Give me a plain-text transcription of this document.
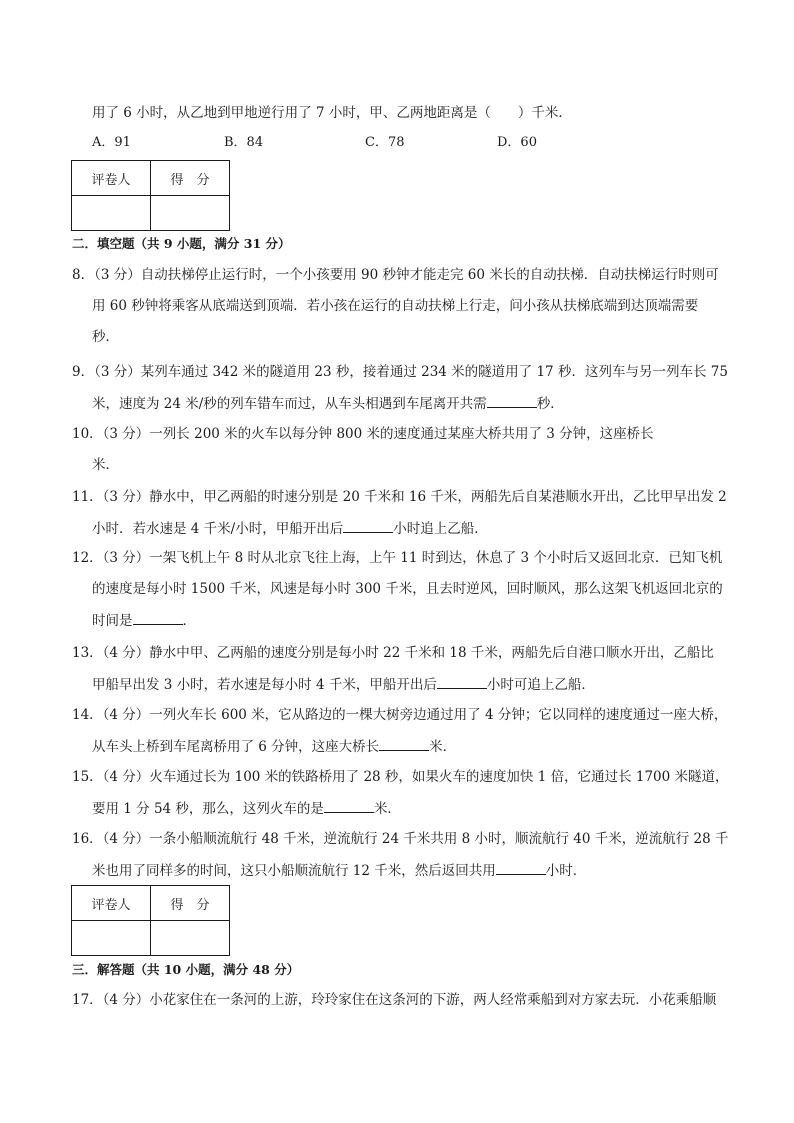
用了 6 小时，从乙地到甲地逆行用了 7 小时，甲、乙两地距离是（　　）千米．
A．91	B．84	C．78	D．60
评卷人	得　分

二．填空题（共 9 小题，满分 31 分）
8．（3 分）自动扶梯停止运行时，一个小孩要用 90 秒钟才能走完 60 米长的自动扶梯．自动扶梯运行时则可
用 60 秒钟将乘客从底端送到顶端．若小孩在运行的自动扶梯上行走，问小孩从扶梯底端到达顶端需要
秒．
9．（3 分）某列车通过 342 米的隧道用 23 秒，接着通过 234 米的隧道用了 17 秒．这列车与另一列车长 75
米，速度为 24 米/秒的列车错车而过，从车头相遇到车尾离开共需	秒．
10．（3 分）一列长 200 米的火车以每分钟 800 米的速度通过某座大桥共用了 3 分钟，这座桥长
米．
11．（3 分）静水中，甲乙两船的时速分别是 20 千米和 16 千米，两船先后自某港顺水开出，乙比甲早出发 2
小时．若水速是 4 千米/小时，甲船开出后	小时追上乙船．
12．（3 分）一架飞机上午 8 时从北京飞往上海，上午 11 时到达，休息了 3 个小时后又返回北京．已知飞机
的速度是每小时 1500 千米，风速是每小时 300 千米，且去时逆风，回时顺风，那么这架飞机返回北京的
时间是	．
13．（4 分）静水中甲、乙两船的速度分别是每小时 22 千米和 18 千米，两船先后自港口顺水开出，乙船比
甲船早出发 3 小时，若水速是每小时 4 千米，甲船开出后	小时可追上乙船．
14．（4 分）一列火车长 600 米，它从路边的一棵大树旁边通过用了 4 分钟；它以同样的速度通过一座大桥，
从车头上桥到车尾离桥用了 6 分钟，这座大桥长	米．
15．（4 分）火车通过长为 100 米的铁路桥用了 28 秒，如果火车的速度加快 1 倍，它通过长 1700 米隧道，
要用 1 分 54 秒，那么，这列火车的是	米．
16．（4 分）一条小船顺流航行 48 千米，逆流航行 24 千米共用 8 小时，顺流航行 40 千米，逆流航行 28 千
米也用了同样多的时间，这只小船顺流航行 12 千米，然后返回共用	小时．
评卷人	得　分

三．解答题（共 10 小题，满分 48 分）
17．（4 分）小花家住在一条河的上游，玲玲家住在这条河的下游，两人经常乘船到对方家去玩．小花乘船顺
